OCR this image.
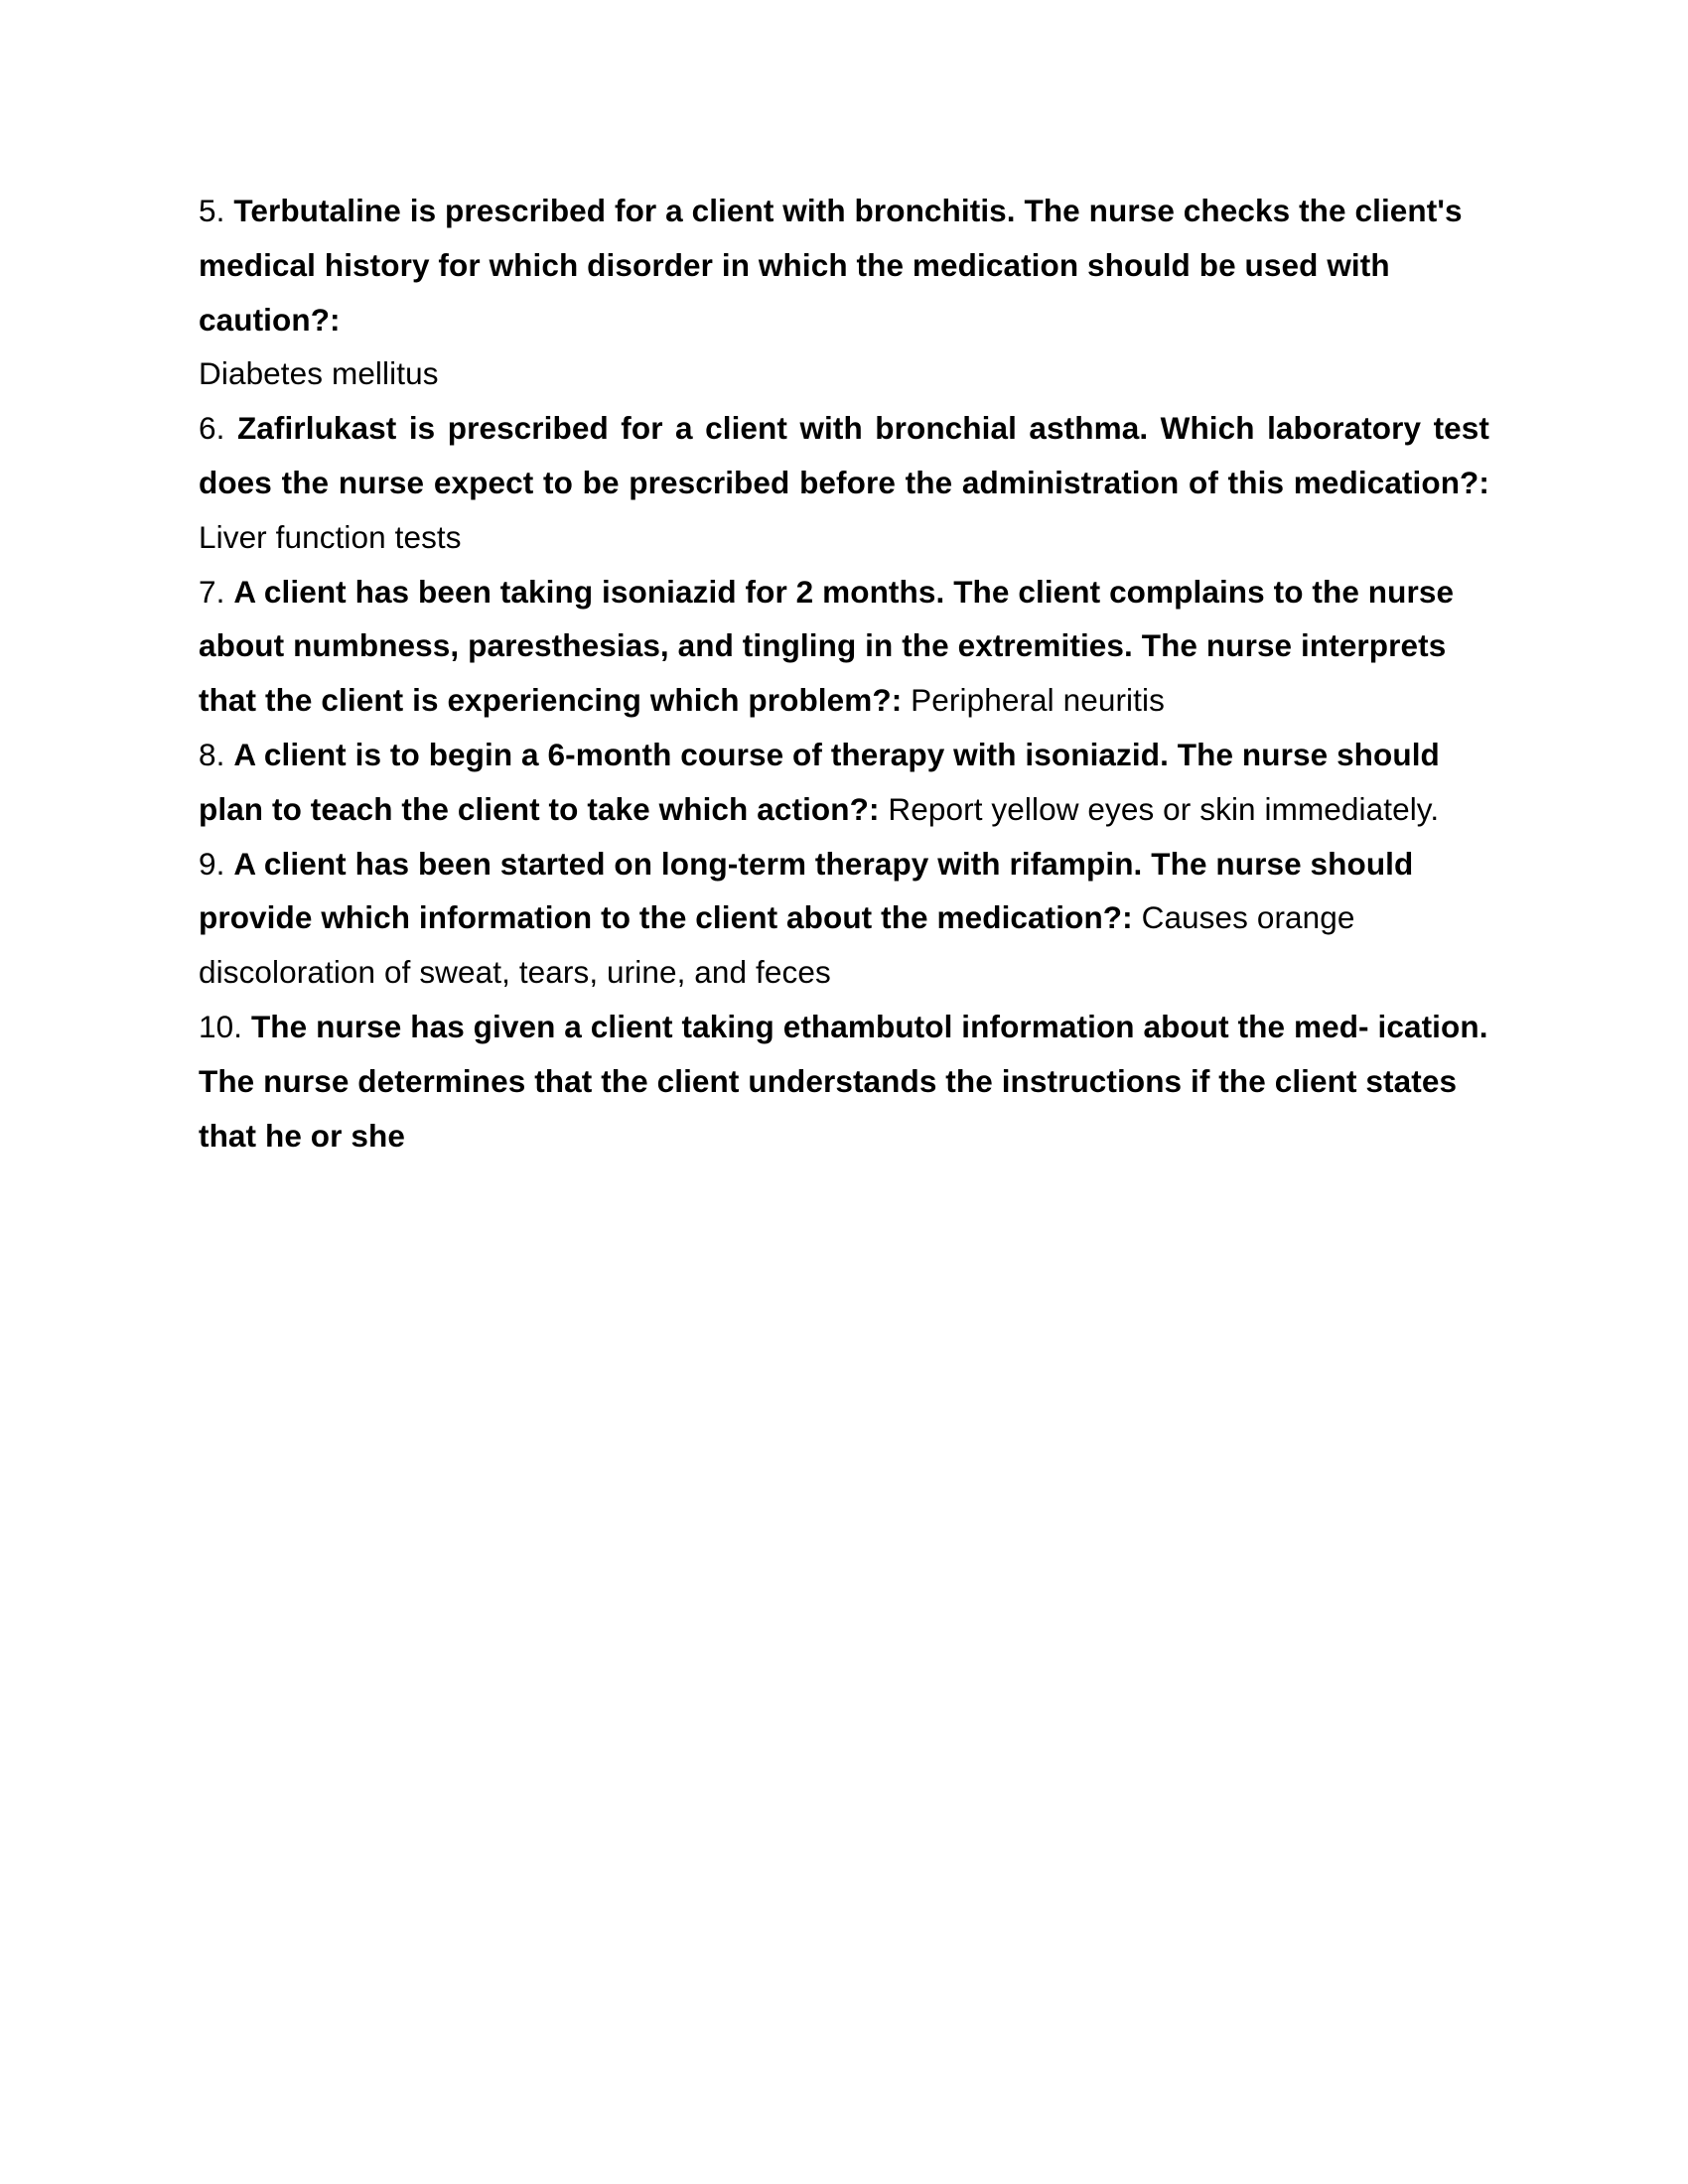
5. Terbutaline is prescribed for a client with bronchitis. The nurse checks the client's medical history for which disorder in which the medication should be used with caution?:
Diabetes mellitus

6. Zafirlukast is prescribed for a client with bronchial asthma. Which laboratory test does the nurse expect to be prescribed before the administration of this medication?: Liver function tests

7. A client has been taking isoniazid for 2 months. The client complains to the nurse about numbness, paresthesias, and tingling in the extremities. The nurse interprets that the client is experiencing which problem?: Peripheral neuritis

8. A client is to begin a 6-month course of therapy with isoniazid. The nurse should plan to teach the client to take which action?: Report yellow eyes or skin immediately.

9. A client has been started on long-term therapy with rifampin. The nurse should provide which information to the client about the medication?: Causes orange discoloration of sweat, tears, urine, and feces

10. The nurse has given a client taking ethambutol information about the med- ication. The nurse determines that the client understands the instructions if the client states that he or she
